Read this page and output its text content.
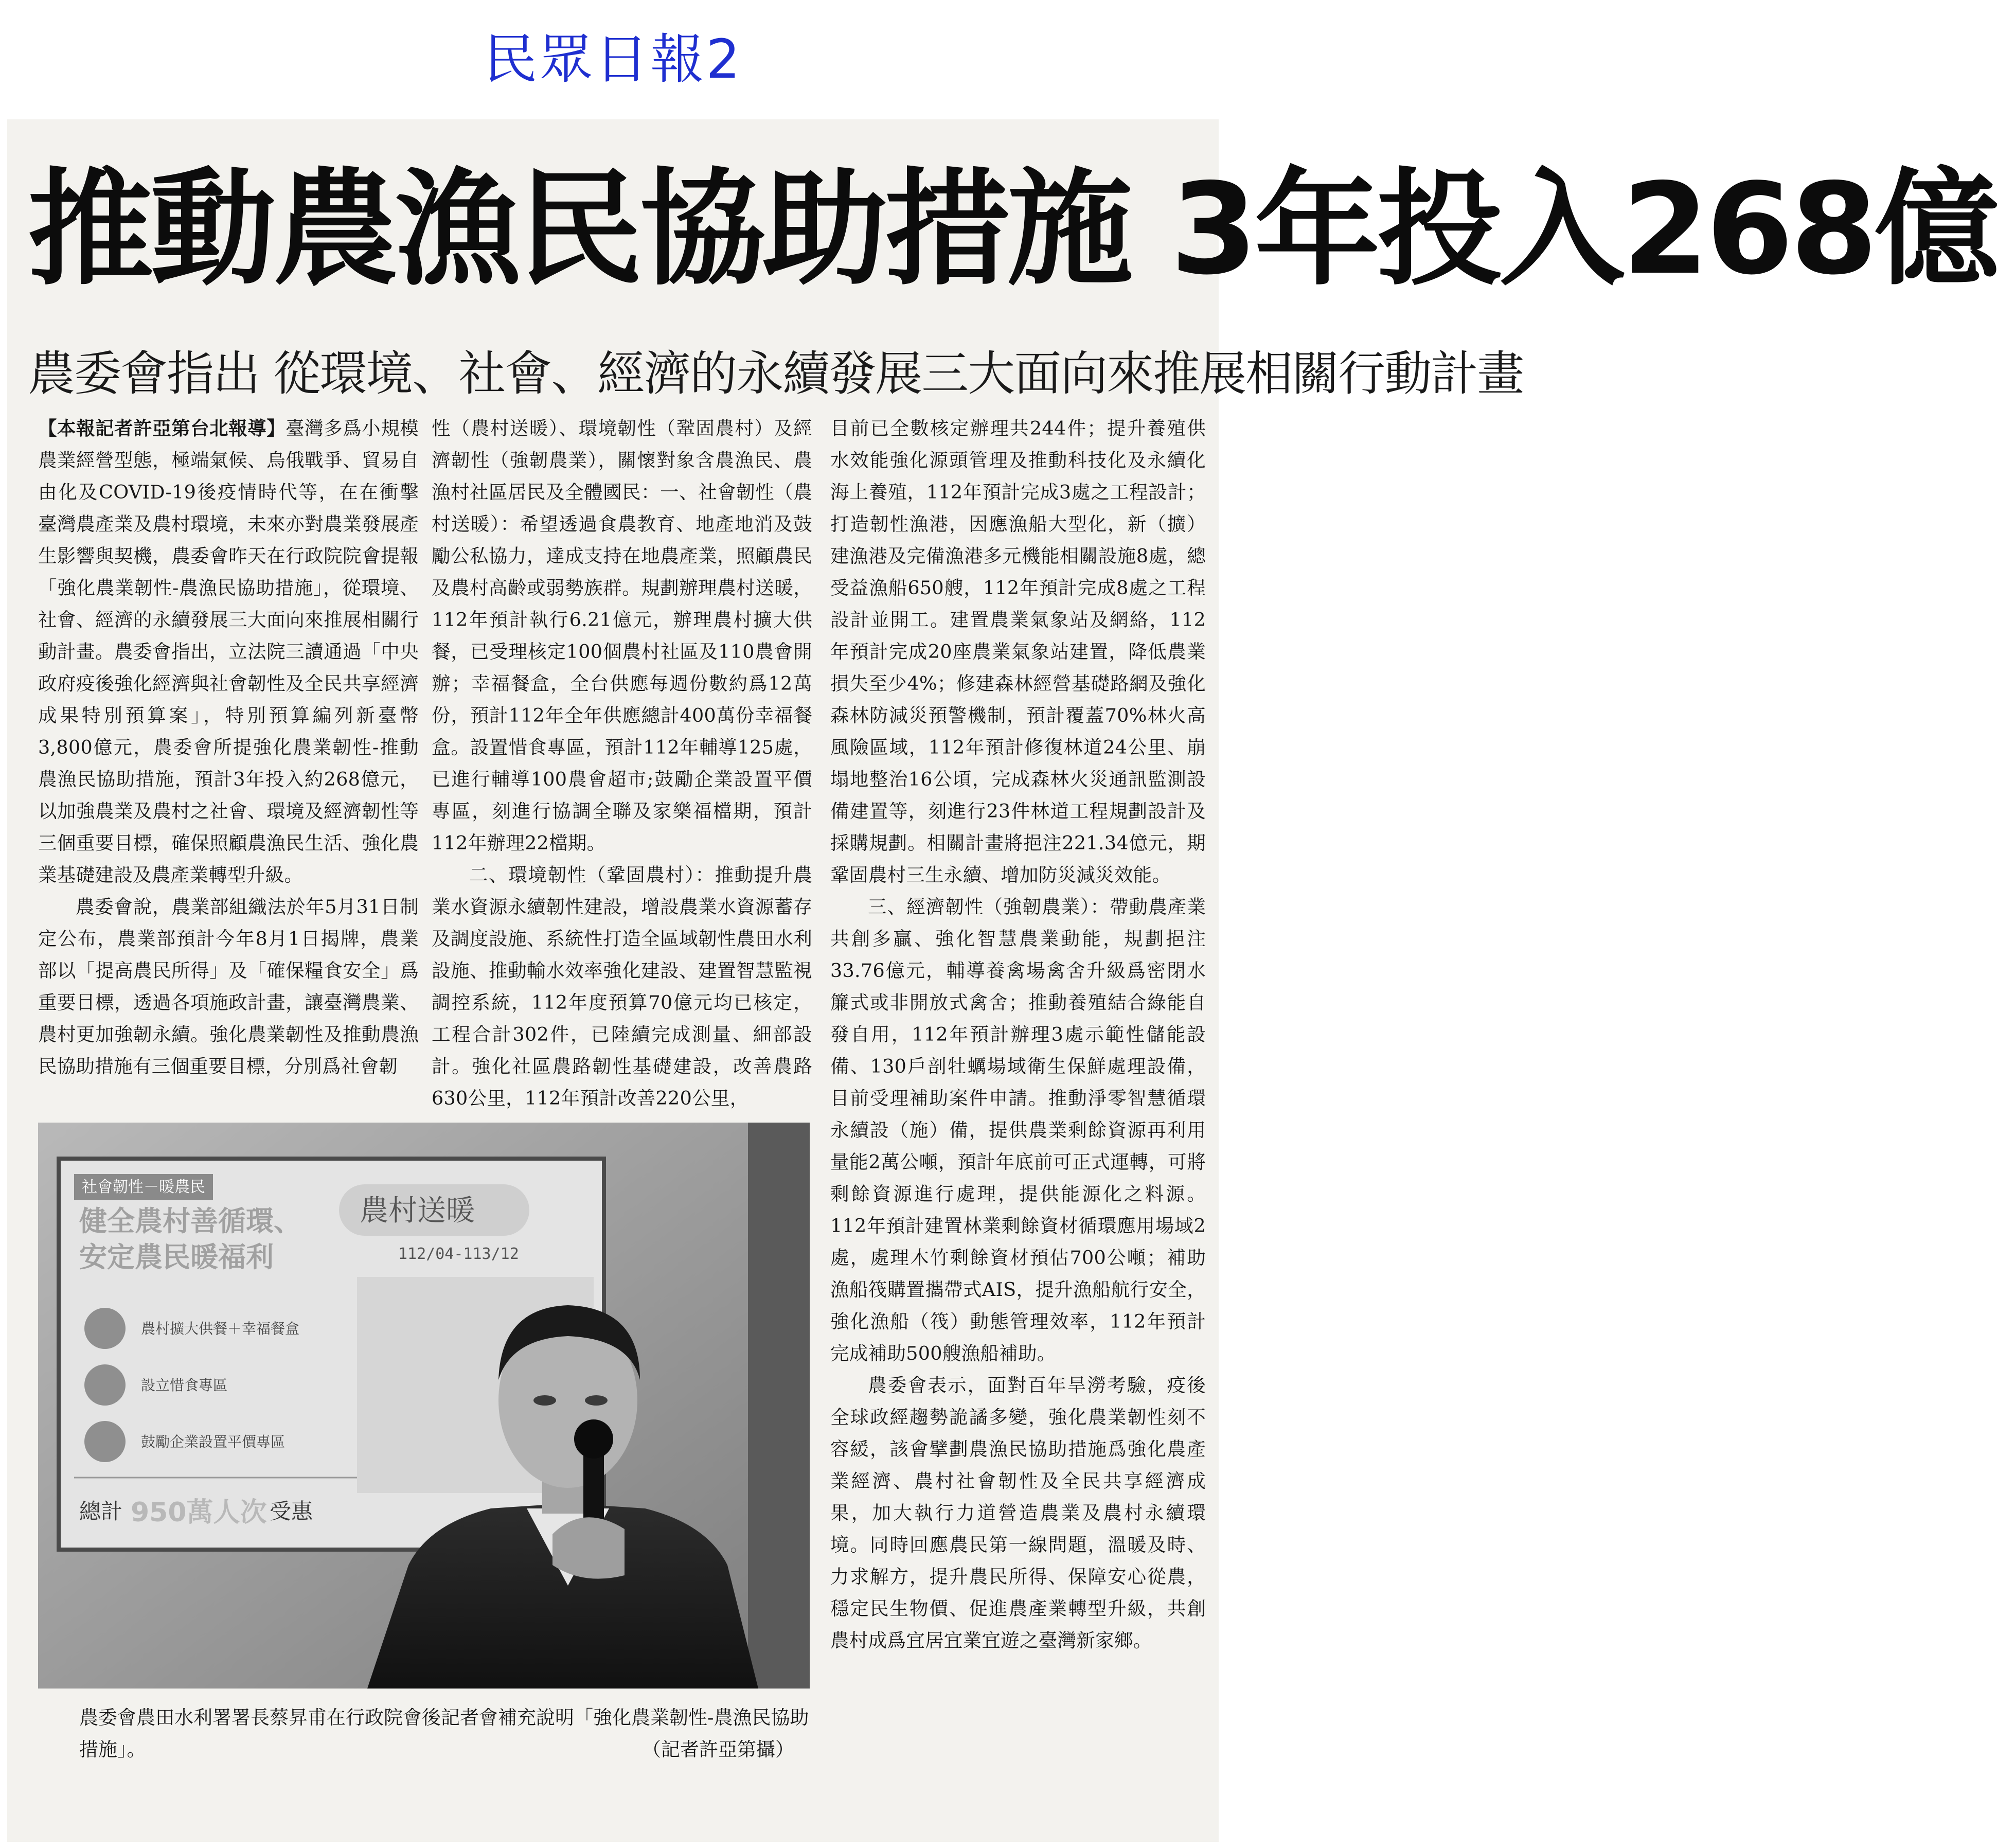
民眾日報2
推動農漁民協助措施 3年投入268億
農委會指出 從環境、社會、經濟的永續發展三大面向來推展相關行動計畫

【本報記者許亞第台北報導】臺灣多爲小規模農業經營型態，極端氣候、烏俄戰爭、貿易自由化及COVID-19後疫情時代等，在在衝擊臺灣農產業及農村環境，未來亦對農業發展產生影響與契機，農委會昨天在行政院院會提報「強化農業韌性-農漁民協助措施」，從環境、社會、經濟的永續發展三大面向來推展相關行動計畫。農委會指出，立法院三讀通過「中央政府疫後強化經濟與社會韌性及全民共享經濟成果特別預算案」，特別預算編列新臺幣3,800億元，農委會所提強化農業韌性-推動農漁民協助措施，預計3年投入約268億元，以加強農業及農村之社會、環境及經濟韌性等三個重要目標，確保照顧農漁民生活、強化農業基礎建設及農產業轉型升級。

農委會說，農業部組織法於年5月31日制定公布，農業部預計今年8月1日揭牌，農業部以「提高農民所得」及「確保糧食安全」爲重要目標，透過各項施政計畫，讓臺灣農業、農村更加強韌永續。強化農業韌性及推動農漁民協助措施有三個重要目標，分別爲社會韌

性（農村送暖）、環境韌性（鞏固農村）及經濟韌性（強韌農業），關懷對象含農漁民、農漁村社區居民及全體國民：一、社會韌性（農村送暖）：希望透過食農教育、地產地消及鼓勵公私協力，達成支持在地農產業，照顧農民及農村高齡或弱勢族群。規劃辦理農村送暖，112年預計執行6.21億元，辦理農村擴大供餐，已受理核定100個農村社區及110農會開辦；幸福餐盒，全台供應每週份數約爲12萬份，預計112年全年供應總計400萬份幸福餐盒。設置惜食專區，預計112年輔導125處，已進行輔導100農會超市;鼓勵企業設置平價專區，刻進行協調全聯及家樂福檔期，預計112年辦理22檔期。

二、環境韌性（鞏固農村）：推動提升農業水資源永續韌性建設，增設農業水資源蓄存及調度設施、系統性打造全區域韌性農田水利設施、推動輸水效率強化建設、建置智慧監視調控系統，112年度預算70億元均已核定，工程合計302件，已陸續完成測量、細部設計。強化社區農路韌性基礎建設，改善農路630公里，112年預計改善220公里，

目前已全數核定辦理共244件；提升養殖供水效能強化源頭管理及推動科技化及永續化海上養殖，112年預計完成3處之工程設計；打造韌性漁港，因應漁船大型化，新（擴）建漁港及完備漁港多元機能相關設施8處，總受益漁船650艘，112年預計完成8處之工程設計並開工。建置農業氣象站及網絡，112年預計完成20座農業氣象站建置，降低農業損失至少4%；修建森林經營基礎路網及強化森林防減災預警機制，預計覆蓋70%林火高風險區域，112年預計修復林道24公里、崩塌地整治16公頃，完成森林火災通訊監測設備建置等，刻進行23件林道工程規劃設計及採購規劃。相關計畫將挹注221.34億元，期鞏固農村三生永續、增加防災減災效能。

三、經濟韌性（強韌農業）：帶動農產業共創多贏、強化智慧農業動能，規劃挹注33.76億元，輔導養禽場禽舍升級爲密閉水簾式或非開放式禽舍；推動養殖結合綠能自發自用，112年預計辦理3處示範性儲能設備、130戶剖牡蠣場域衛生保鮮處理設備，目前受理補助案件申請。推動淨零智慧循環永續設（施）備，提供農業剩餘資源再利用量能2萬公噸，預計年底前可正式運轉，可將剩餘資源進行處理，提供能源化之料源。112年預計建置林業剩餘資材循環應用場域2處，處理木竹剩餘資材預估700公噸；補助漁船筏購置攜帶式AIS，提升漁船航行安全，強化漁船（筏）動態管理效率，112年預計完成補助500艘漁船補助。

農委會表示，面對百年旱澇考驗，疫後全球政經趨勢詭譎多變，強化農業韌性刻不容緩，該會擘劃農漁民協助措施爲強化農產業經濟、農村社會韌性及全民共享經濟成果，加大執行力道營造農業及農村永續環境。同時回應農民第一線問題，溫暖及時、力求解方，提升農民所得、保障安心從農，穩定民生物價、促進農產業轉型升級，共創農村成爲宜居宜業宜遊之臺灣新家鄉。

社會韌性－暖農民
健全農村善循環、
安定農民暖福利
農村送暖
112/04-113/12
農村擴大供餐＋幸福餐盒
設立惜食專區
鼓勵企業設置平價專區
總計 950萬人次 受惠
農委會農田水利署署長蔡昇甫在行政院會後記者會補充說明「強化農業韌性-農漁民協助措施」。	（記者許亞第攝）
